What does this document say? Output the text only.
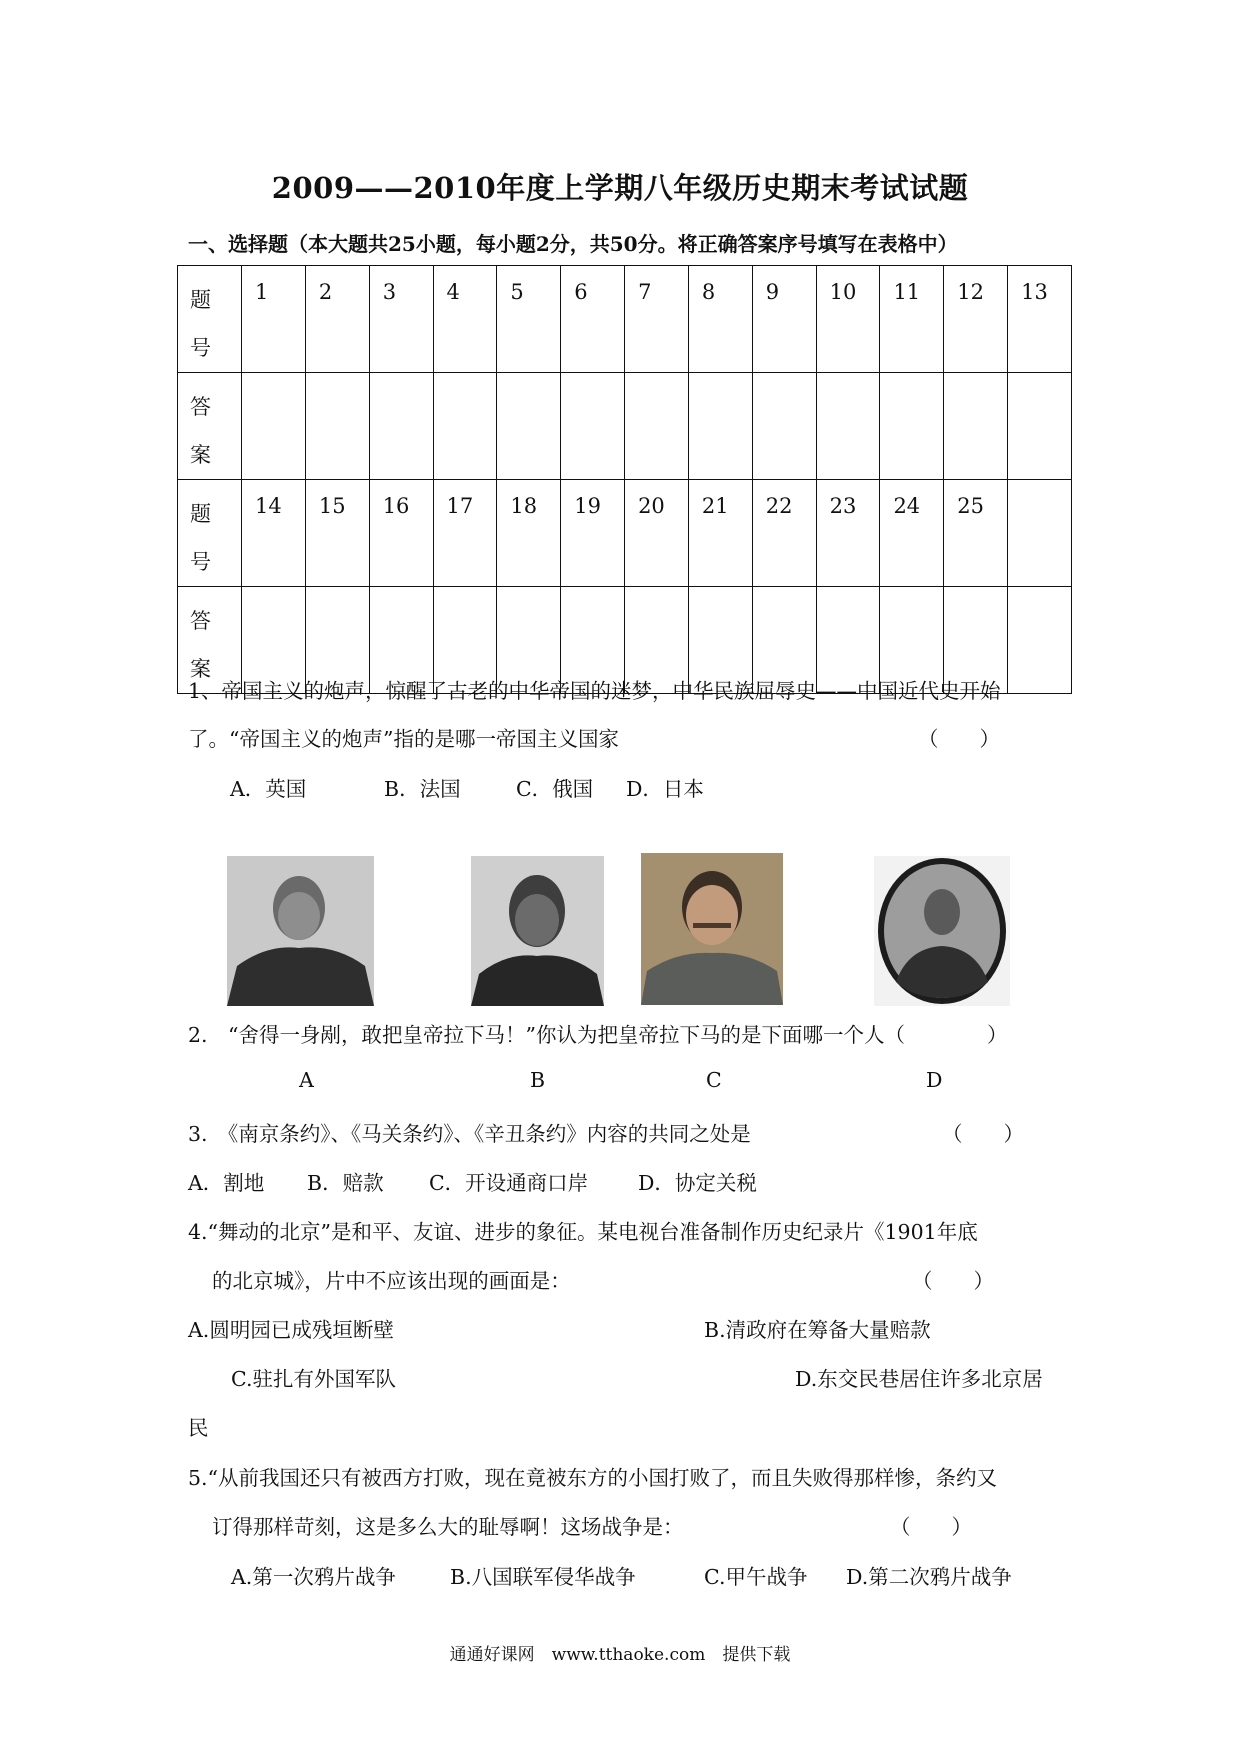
2009——2010年度上学期八年级历史期末考试试题
一、选择题（本大题共25小题，每小题2分，共50分。将正确答案序号填写在表格中）
题
号	1	2	3	4	5	6	7	8	9	10	11	12	13
答
案													
题
号	14	15	16	17	18	19	20	21	22	23	24	25	
答
案													
1、帝国主义的炮声，惊醒了古老的中华帝国的迷梦，中华民族屈辱史——中国近代史开始
了。“帝国主义的炮声”指的是哪一帝国主义国家	（　　）
A．英国	B．法国	C．俄国 D．日本
2.　“舍得一身剐，敢把皇帝拉下马！”你认为把皇帝拉下马的是下面哪一个人（　　　　）
A	B	C	D
3.　《南京条约》、《马关条约》、《辛丑条约》内容的共同之处是	（　　）
A．割地 B．赔款 C．开设通商口岸 D．协定关税
4.“舞动的北京”是和平、友谊、进步的象征。某电视台准备制作历史纪录片《1901年底
的北京城》，片中不应该出现的画面是：	（　　）
A.圆明园已成残垣断壁	B.清政府在筹备大量赔款
C.驻扎有外国军队	D.东交民巷居住许多北京居
民
5.“从前我国还只有被西方打败，现在竟被东方的小国打败了，而且失败得那样惨，条约又
订得那样苛刻，这是多么大的耻辱啊！这场战争是：	（　　）
A.第一次鸦片战争	B.八国联军侵华战争	C.甲午战争 D.第二次鸦片战争
通通好课网　www.tthaoke.com　提供下载
